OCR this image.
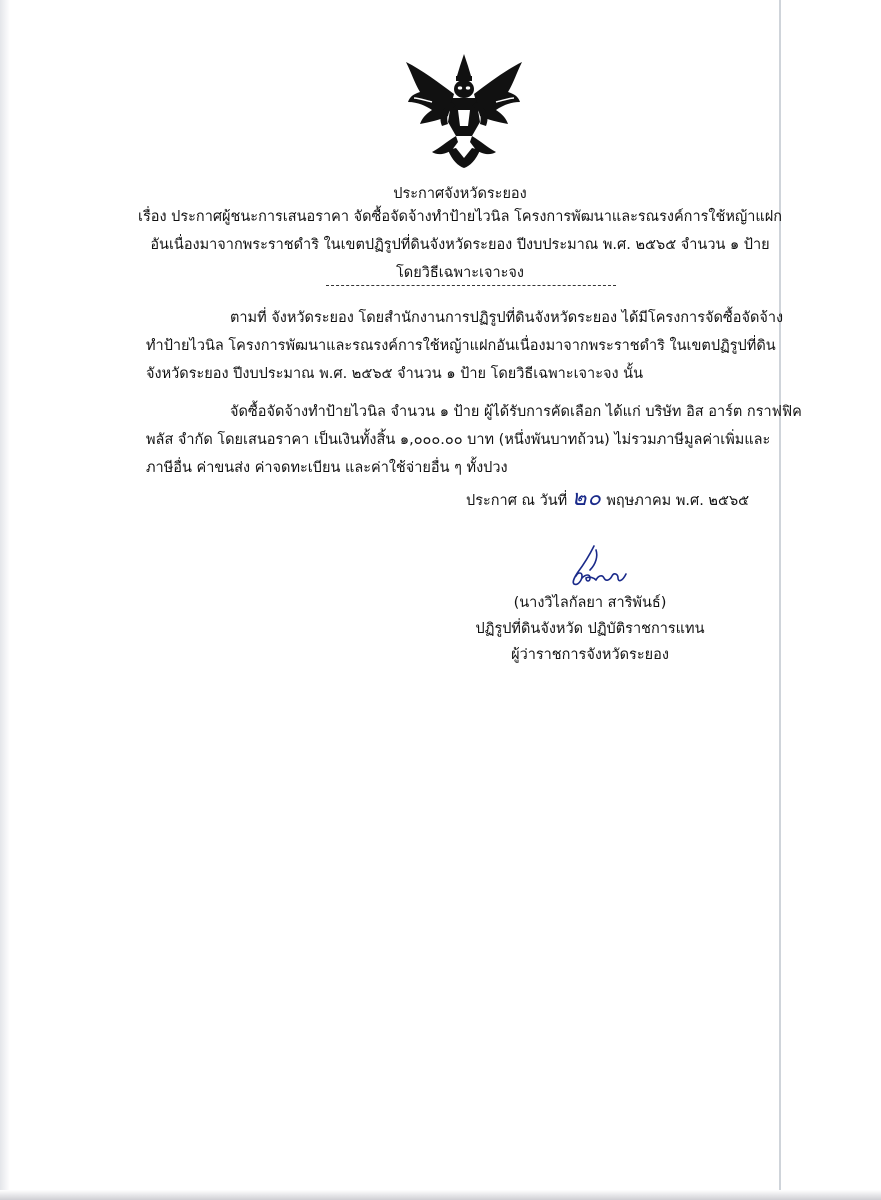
ประกาศจังหวัดระยอง
เรื่อง ประกาศผู้ชนะการเสนอราคา จัดซื้อจัดจ้างทำป้ายไวนิล โครงการพัฒนาและรณรงค์การใช้หญ้าแฝก
อันเนื่องมาจากพระราชดำริ ในเขตปฏิรูปที่ดินจังหวัดระยอง ปีงบประมาณ พ.ศ. ๒๕๖๕ จำนวน ๑ ป้าย
โดยวิธีเฉพาะเจาะจง
ตามที่ จังหวัดระยอง โดยสำนักงานการปฏิรูปที่ดินจังหวัดระยอง ได้มีโครงการจัดซื้อจัดจ้าง
ทำป้ายไวนิล โครงการพัฒนาและรณรงค์การใช้หญ้าแฝกอันเนื่องมาจากพระราชดำริ ในเขตปฏิรูปที่ดิน
จังหวัดระยอง ปีงบประมาณ พ.ศ. ๒๕๖๕ จำนวน ๑ ป้าย โดยวิธีเฉพาะเจาะจง นั้น
จัดซื้อจัดจ้างทำป้ายไวนิล จำนวน ๑ ป้าย ผู้ได้รับการคัดเลือก ได้แก่ บริษัท อิส อาร์ต กราฟฟิค
พลัส จำกัด โดยเสนอราคา เป็นเงินทั้งสิ้น ๑,๐๐๐.๐๐ บาท (หนึ่งพันบาทถ้วน) ไม่รวมภาษีมูลค่าเพิ่มและ
ภาษีอื่น ค่าขนส่ง ค่าจดทะเบียน และค่าใช้จ่ายอื่น ๆ ทั้งปวง
ประกาศ ณ วันที่ ๒๐ พฤษภาคม พ.ศ. ๒๕๖๕
(นางวิไลกัลยา สาริพันธ์)
ปฏิรูปที่ดินจังหวัด ปฏิบัติราชการแทน
ผู้ว่าราชการจังหวัดระยอง
